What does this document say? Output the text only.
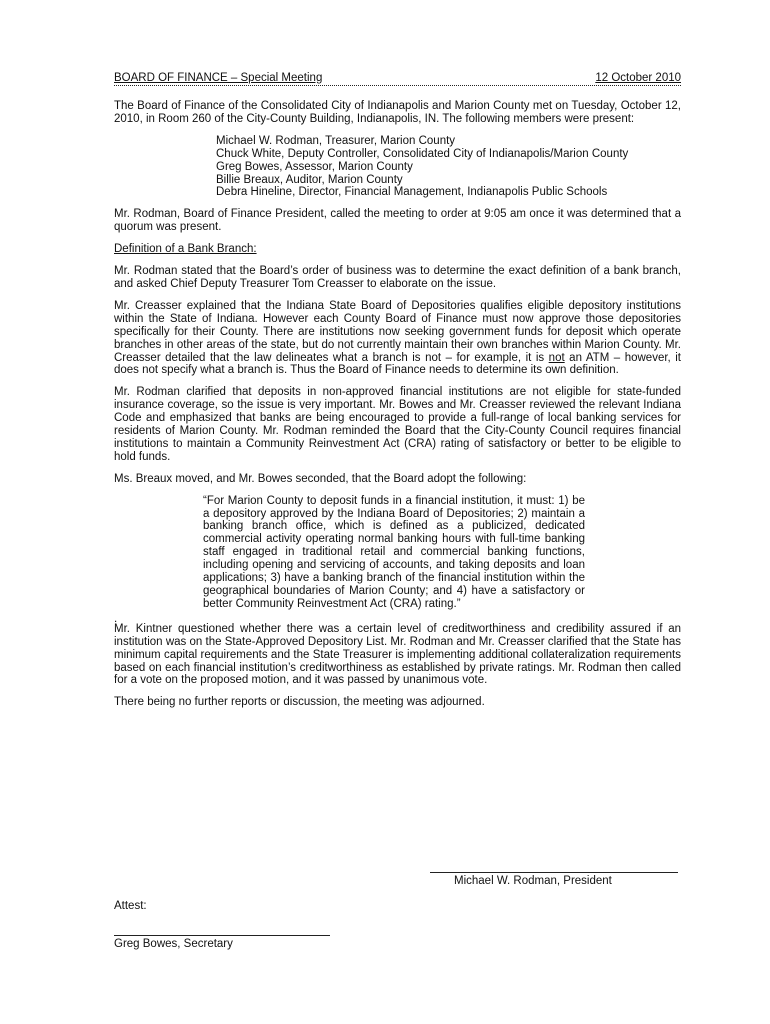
BOARD OF FINANCE – Special Meeting	12 October 2010

The Board of Finance of the Consolidated City of Indianapolis and Marion County met on Tuesday, October 12, 2010, in Room 260 of the City-County Building, Indianapolis, IN. The following members were present:

Michael W. Rodman, Treasurer, Marion County
Chuck White, Deputy Controller, Consolidated City of Indianapolis/Marion County
Greg Bowes, Assessor, Marion County
Billie Breaux, Auditor, Marion County
Debra Hineline, Director, Financial Management, Indianapolis Public Schools

Mr. Rodman, Board of Finance President, called the meeting to order at 9:05 am once it was determined that a quorum was present.

Definition of a Bank Branch:

Mr. Rodman stated that the Board’s order of business was to determine the exact definition of a bank branch, and asked Chief Deputy Treasurer Tom Creasser to elaborate on the issue.

Mr. Creasser explained that the Indiana State Board of Depositories qualifies eligible depository institutions within the State of Indiana. However each County Board of Finance must now approve those depositories specifically for their County. There are institutions now seeking government funds for deposit which operate branches in other areas of the state, but do not currently maintain their own branches within Marion County. Mr. Creasser detailed that the law delineates what a branch is not – for example, it is not an ATM – however, it does not specify what a branch is. Thus the Board of Finance needs to determine its own definition.

Mr. Rodman clarified that deposits in non-approved financial institutions are not eligible for state-funded insurance coverage, so the issue is very important. Mr. Bowes and Mr. Creasser reviewed the relevant Indiana Code and emphasized that banks are being encouraged to provide a full-range of local banking services for residents of Marion County. Mr. Rodman reminded the Board that the City-County Council requires financial institutions to maintain a Community Reinvestment Act (CRA) rating of satisfactory or better to be eligible to hold funds.

Ms. Breaux moved, and Mr. Bowes seconded, that the Board adopt the following:

“For Marion County to deposit funds in a financial institution, it must: 1) be a depository approved by the Indiana Board of Depositories; 2) maintain a banking branch office, which is defined as a publicized, dedicated commercial activity operating normal banking hours with full-time banking staff engaged in traditional retail and commercial banking functions, including opening and servicing of accounts, and taking deposits and loan applications; 3) have a banking branch of the financial institution within the geographical boundaries of Marion County; and 4) have a satisfactory or better Community Reinvestment Act (CRA) rating.”
.

Mr. Kintner questioned whether there was a certain level of creditworthiness and credibility assured if an institution was on the State-Approved Depository List. Mr. Rodman and Mr. Creasser clarified that the State has minimum capital requirements and the State Treasurer is implementing additional collateralization requirements based on each financial institution’s creditworthiness as established by private ratings. Mr. Rodman then called for a vote on the proposed motion, and it was passed by unanimous vote.

There being no further reports or discussion, the meeting was adjourned.

Michael W. Rodman, President
Attest:
Greg Bowes, Secretary
